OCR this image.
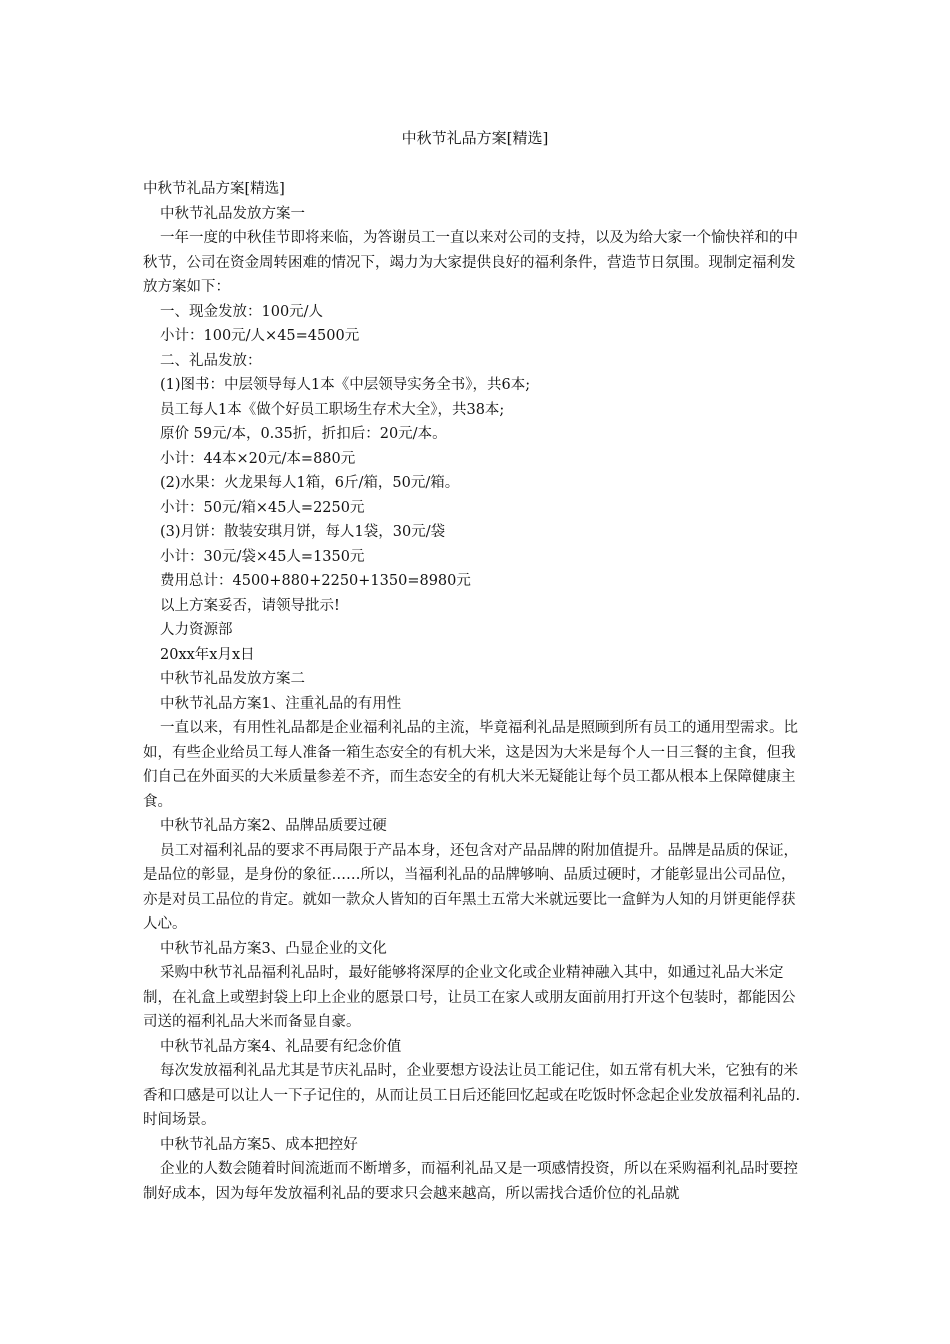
中秋节礼品方案[精选]

中秋节礼品方案[精选]

中秋节礼品发放方案一

一年一度的中秋佳节即将来临，为答谢员工一直以来对公司的支持，以及为给大家一个愉快祥和的中秋节，公司在资金周转困难的情况下，竭力为大家提供良好的福利条件，营造节日氛围。现制定福利发放方案如下：

一、现金发放：100元/人

小计：100元/人×45=4500元

二、礼品发放：

(1)图书：中层领导每人1本《中层领导实务全书》，共6本;

员工每人1本《做个好员工职场生存术大全》，共38本;

原价 59元/本，0.35折，折扣后：20元/本。

小计：44本×20元/本=880元

(2)水果：火龙果每人1箱，6斤/箱，50元/箱。

小计：50元/箱×45人=2250元

(3)月饼：散装安琪月饼，每人1袋，30元/袋

小计：30元/袋×45人=1350元

费用总计：4500+880+2250+1350=8980元

以上方案妥否，请领导批示!

人力资源部

20xx年x月x日

中秋节礼品发放方案二

中秋节礼品方案1、注重礼品的有用性

一直以来，有用性礼品都是企业福利礼品的主流，毕竟福利礼品是照顾到所有员工的通用型需求。比如，有些企业给员工每人准备一箱生态安全的有机大米，这是因为大米是每个人一日三餐的主食，但我们自己在外面买的大米质量参差不齐，而生态安全的有机大米无疑能让每个员工都从根本上保障健康主食。

中秋节礼品方案2、品牌品质要过硬

员工对福利礼品的要求不再局限于产品本身，还包含对产品品牌的附加值提升。品牌是品质的保证，是品位的彰显，是身份的象征……所以，当福利礼品的品牌够响、品质过硬时，才能彰显出公司品位，亦是对员工品位的肯定。就如一款众人皆知的百年黑土五常大米就远要比一盒鲜为人知的月饼更能俘获人心。

中秋节礼品方案3、凸显企业的文化

采购中秋节礼品福利礼品时，最好能够将深厚的企业文化或企业精神融入其中，如通过礼品大米定制，在礼盒上或塑封袋上印上企业的愿景口号，让员工在家人或朋友面前用打开这个包装时，都能因公司送的福利礼品大米而备显自豪。

中秋节礼品方案4、礼品要有纪念价值

每次发放福利礼品尤其是节庆礼品时，企业要想方设法让员工能记住，如五常有机大米，它独有的米香和口感是可以让人一下子记住的，从而让员工日后还能回忆起或在吃饭时怀念起企业发放福利礼品的.时间场景。

中秋节礼品方案5、成本把控好

企业的人数会随着时间流逝而不断增多，而福利礼品又是一项感情投资，所以在采购福利礼品时要控制好成本，因为每年发放福利礼品的要求只会越来越高，所以需找合适价位的礼品就
